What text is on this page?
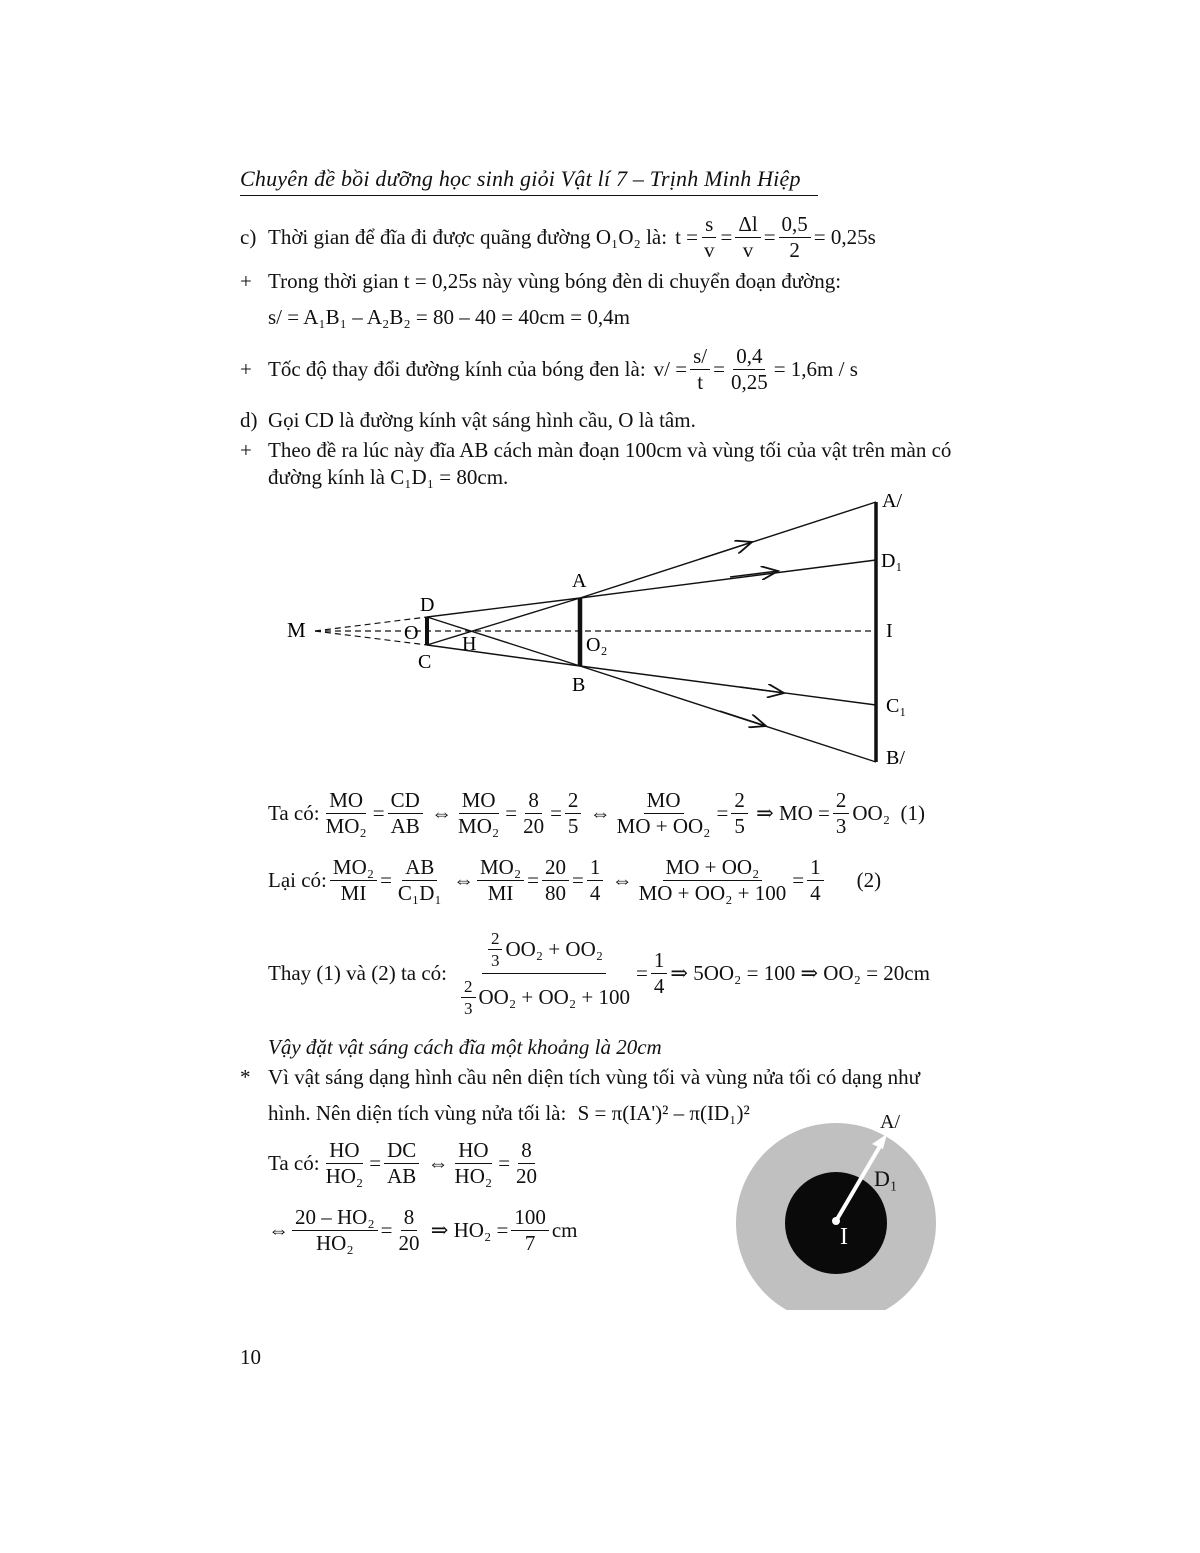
Chuyên đề bồi dưỡng học sinh giỏi Vật lí 7 – Trịnh Minh Hiệp
c) Thời gian để đĩa đi được quãng đường O₁O₂ là: $t = \frac{s}{v} = \frac{\Delta l}{v} = \frac{0,5}{2} = 0,25s$
+ Trong thời gian t = 0,25s này vùng bóng đèn di chuyển đoạn đường:
s/ = A₁B₁ – A₂B₂ = 80 – 40 = 40cm = 0,4m
+ Tốc độ thay đổi đường kính của bóng đen là: $v/ = \frac{s/}{t} = \frac{0,4}{0,25} = 1,6m / s$
d) Gọi CD là đường kính vật sáng hình cầu, O là tâm.
+ Theo đề ra lúc này đĩa AB cách màn đoạn 100cm và vùng tối của vật trên màn có
đường kính là C₁D₁ = 80cm.
M
D
O
C
H
A
B
O₂
A/
D₁
I
C₁
B/
Ta có: $\frac{MO}{\text{MO₂}} = \frac{CD}{AB}$ ⇔ $\frac{MO}{\text{MO₂}} = \frac{8}{20} = \frac{2}{5}$ ⇔ $\frac{MO}{\text{MO + OO₂}} = \frac{2}{5}$ ⇒ MO = $\frac{2}{3} OO_2$
(1)
Lại có: $\frac{\text{MO₂}}{MI} = \frac{AB}{\text{C₁D₁}}$ ⇔ $\frac{\text{MO₂}}{MI} = \frac{20}{80} = \frac{1}{4}$ ⇔ $\frac{\text{MO + OO₂}}{\text{MO + OO₂ + 100}} = \frac{1}{4} (2)$
Thay (1) và (2) ta có: $\frac{\frac{2}{3} OO_2 + OO_2}{\frac{2}{3} OO_2 + OO_2 + 100} = \frac{1}{4}$ ⇒ 5OO₂ = 100 ⇒ OO₂ = 20cm
Vậy đặt vật sáng cách đĩa một khoảng là 20cm
* Vì vật sáng dạng hình cầu nên diện tích vùng tối và vùng nửa tối có dạng như
hình. Nên diện tích vùng nửa tối là: S = π(IA')² – π(ID₁)²
Ta có: $\frac{HO}{\text{HO₂}} = \frac{DC}{AB}$ ⇔ $\frac{HO}{\text{HO₂}} = \frac{8}{20}$
⇔ $\frac{\text{20 – HO₂}}{\text{HO₂}} = \frac{8}{20}$ ⇒ $HO_2 = \frac{100}{7}$ cm
A/
D₁
I
10
